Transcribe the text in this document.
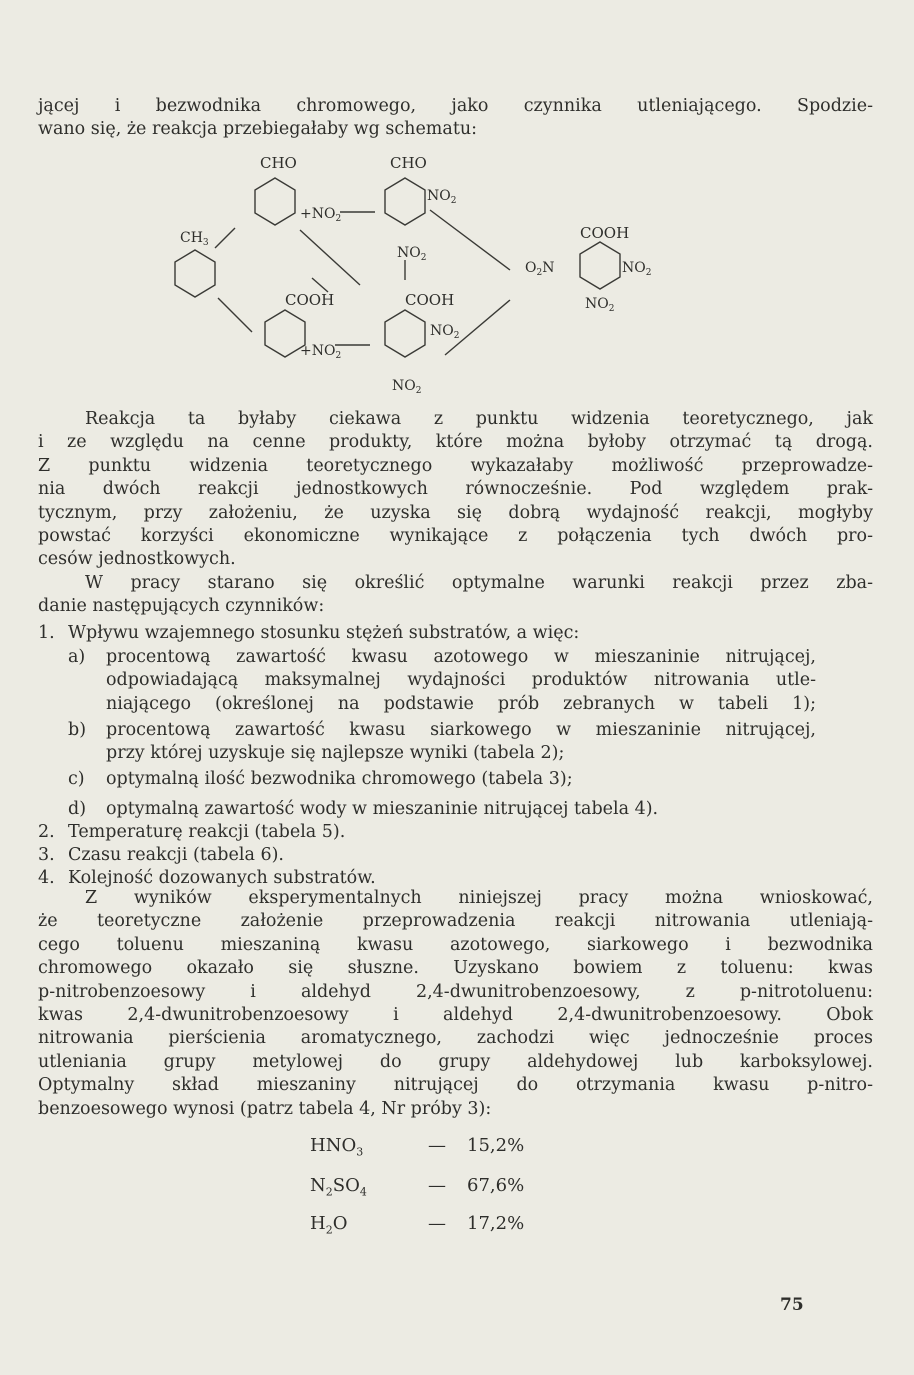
jącej i bezwodnika chromowego, jako czynnika utleniającego. Spodzie-
wano się, że reakcja przebiegałaby wg schematu:
CHO	CHO
$+NO_2$
$NO_2$
$NO_2$
$CH_3$
COOH	COOH
$+NO_2$
$NO_2$
$NO_2$
COOH
$O_2N$	$NO_2$
$NO_2$
Reakcja ta byłaby ciekawa z punktu widzenia teoretycznego, jak
i ze względu na cenne produkty, które można byłoby otrzymać tą drogą.
Z punktu widzenia teoretycznego wykazałaby możliwość przeprowadze-
nia dwóch reakcji jednostkowych równocześnie. Pod względem prak-
tycznym, przy założeniu, że uzyska się dobrą wydajność reakcji, mogłyby
powstać korzyści ekonomiczne wynikające z połączenia tych dwóch pro-
cesów jednostkowych.
W pracy starano się określić optymalne warunki reakcji przez zba-
danie następujących czynników:
1. Wpływu wzajemnego stosunku stężeń substratów, a więc:
a) procentową zawartość kwasu azotowego w mieszaninie nitrującej,
odpowiadającą maksymalnej wydajności produktów nitrowania utle-
niającego (określonej na podstawie prób zebranych w tabeli 1);
b) procentową zawartość kwasu siarkowego w mieszaninie nitrującej,
przy której uzyskuje się najlepsze wyniki (tabela 2);
c) optymalną ilość bezwodnika chromowego (tabela 3);
d) optymalną zawartość wody w mieszaninie nitrującej tabela 4).
2. Temperaturę reakcji (tabela 5).
3. Czasu reakcji (tabela 6).
4. Kolejność dozowanych substratów.
Z wyników eksperymentalnych niniejszej pracy można wnioskować,
że teoretyczne założenie przeprowadzenia reakcji nitrowania utleniają-
cego toluenu mieszaniną kwasu azotowego, siarkowego i bezwodnika
chromowego okazało się słuszne. Uzyskano bowiem z toluenu: kwas
p-nitrobenzoesowy i aldehyd 2,4-dwunitrobenzoesowy, z p-nitrotoluenu:
kwas 2,4-dwunitrobenzoesowy i aldehyd 2,4-dwunitrobenzoesowy. Obok
nitrowania pierścienia aromatycznego, zachodzi więc jednocześnie proces
utleniania grupy metylowej do grupy aldehydowej lub karboksylowej.
Optymalny skład mieszaniny nitrującej do otrzymania kwasu p-nitro-
benzoesowego wynosi (patrz tabela 4, Nr próby 3):
$HNO_3$	— 15,2%
$N_2SO_4$	— 67,6%
$H_2O$	— 17,2%
75
